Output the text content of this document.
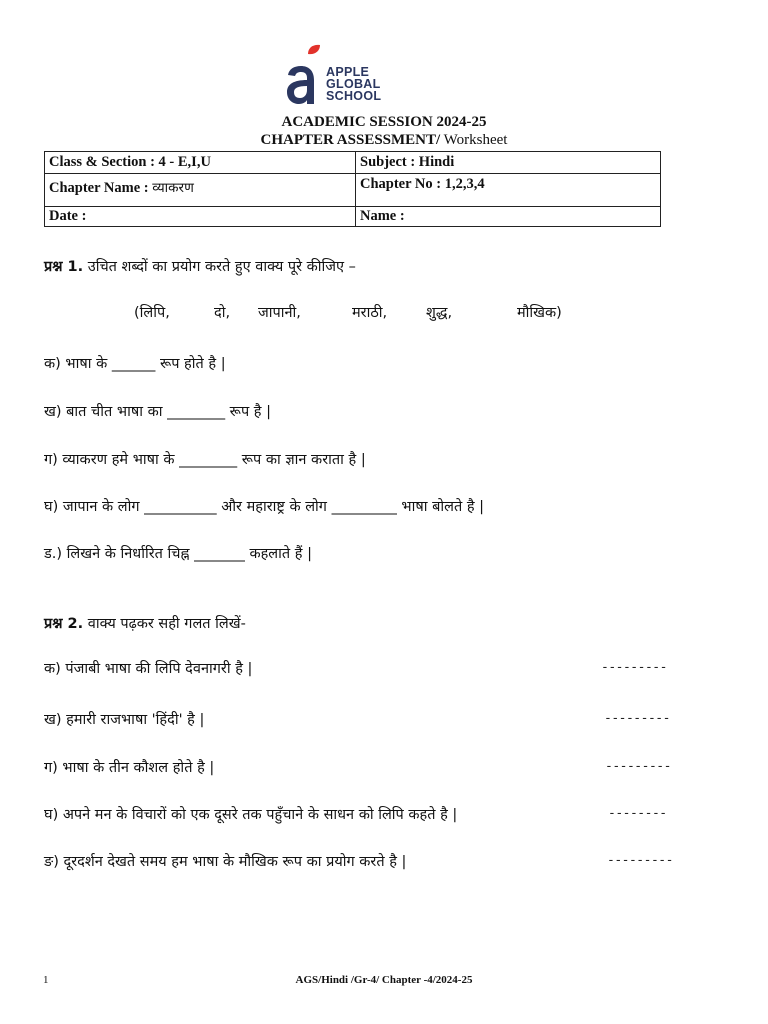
APPLE
GLOBAL
SCHOOL
ACADEMIC SESSION 2024-25
CHAPTER ASSESSMENT/ Worksheet
Class & Section : 4 - E,I,U	Subject : Hindi
Chapter Name : व्याकरण	Chapter No : 1,2,3,4
Date :	Name :
प्रश्न 1. उचित शब्दों का प्रयोग करते हुए वाक्य पूरे कीजिए –
(लिपि,	दो, जापानी,	मराठी,	शुद्ध,	मौखिक)
क) भाषा के ______ रूप होते है |
ख) बात चीत भाषा का ________ रूप है |
ग) व्याकरण हमे भाषा के ________ रूप का ज्ञान कराता है |
घ) जापान के लोग __________ और महाराष्ट्र के लोग _________ भाषा बोलते है |
ड.) लिखने के निर्धारित चिह्न _______ कहलाते हैं |
प्रश्न 2. वाक्य पढ़कर सही गलत लिखें-
क) पंजाबी भाषा की लिपि देवनागरी है |	---------
ख) हमारी राजभाषा 'हिंदी' है |	---------
ग) भाषा के तीन कौशल होते है |	---------
घ) अपने मन के विचारों को एक दूसरे तक पहुँचाने के साधन को लिपि कहते है |	--------
ङ) दूरदर्शन देखते समय हम भाषा के मौखिक रूप का प्रयोग करते है |	---------
1	AGS/Hindi /Gr-4/ Chapter -4/2024-25
